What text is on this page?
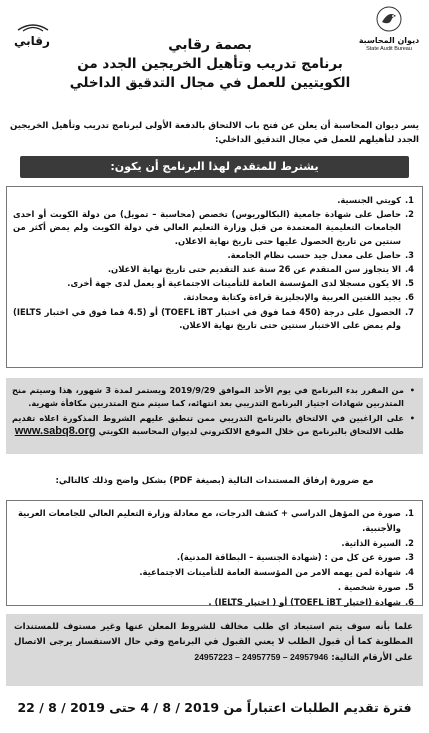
رقابي	ديوان المحاسبة
State Audit Bureau
بصمة رقابي
برنامج تدريب وتأهيل الخريجين الجدد من
الكويتيين للعمل في مجال التدقيق الداخلي

يسر ديوان المحاسبة أن يعلن عن فتح باب الالتحاق بالدفعة الأولى لبرنامج تدريب وتأهيل الخريجين الجدد لتأهيلهم للعمل في مجال التدقيق الداخلي:

يشترط للمتقدم لهذا البرنامج أن يكون:
1.
كويتي الجنسية.
2.
حاصل على شهادة جامعية (البكالوريوس) تخصص (محاسبة – تمويل) من دولة الكويت أو احدى الجامعات التعليمية المعتمدة من قبل وزارة التعليم العالي في دولة الكويت ولم يمض أكثر من سنتين من تاريخ الحصول عليها حتى تاريخ نهاية الاعلان.
3.
حاصل على معدل جيد حسب نظام الجامعة.
4.
الا يتجاوز سن المتقدم عن 26 سنة عند التقديم حتى تاريخ نهاية الاعلان.
5.
الا يكون مسجلا لدى المؤسسة العامة للتأمينات الاجتماعية أو يعمل لدى جهة أخرى.
6.
يجيد اللغتين العربية والإنجليزية قراءة وكتابة ومحادثة.
7.
الحصول على درجة (450 فما فوق في اختبار TOEFL iBT) أو (4.5 فما فوق في اختبار IELTS) ولم يمض على الاختبار سنتين حتى تاريخ نهاية الاعلان.
• من المقرر بدء البرنامج في يوم الأحد الموافق 2019/9/29 ويستمر لمدة 3 شهور، هذا وسيتم منح المتدربين شهادات اجتياز البرنامج التدريبي بعد انتهائه، كما سيتم منح المتدربين مكافأة شهرية.
• على الراغبين في الالتحاق بالبرنامج التدريبي ممن تنطبق عليهم الشروط المذكورة اعلاه تقديم طلب الالتحاق بالبرنامج من خلال الموقع الالكتروني لديوان المحاسبة الكويتي www.sabq8.org
مع ضرورة إرفاق المستندات التالية (بصيغة PDF) بشكل واضح وذلك كالتالي:
1.
صورة من المؤهل الدراسي + كشف الدرجات، مع معادلة وزارة التعليم العالي للجامعات العربية والأجنبية.
2.
السيرة الذاتية.
3.
صورة عن كل من : (شهادة الجنسية – البطاقة المدنية).
4.
شهادة لمن يهمه الامر من المؤسسة العامة للتأمينات الاجتماعية.
5.
صورة شخصية .
6.
شهادة (اختبار TOEFL iBT) أو ( اختبار IELTS) .
علما بأنه سوف يتم استبعاد اي طلب مخالف للشروط المعلن عنها وغير مستوف للمستندات المطلوبة كما أن قبول الطلب لا يعني القبول في البرنامج وفي حال الاستفسار يرجى الاتصال على الأرقام التالية: 24957223 – 24957759 – 24957946
فترة تقديم الطلبات اعتباراً من 4 / 8 / 2019 حتى 22 / 8 / 2019
